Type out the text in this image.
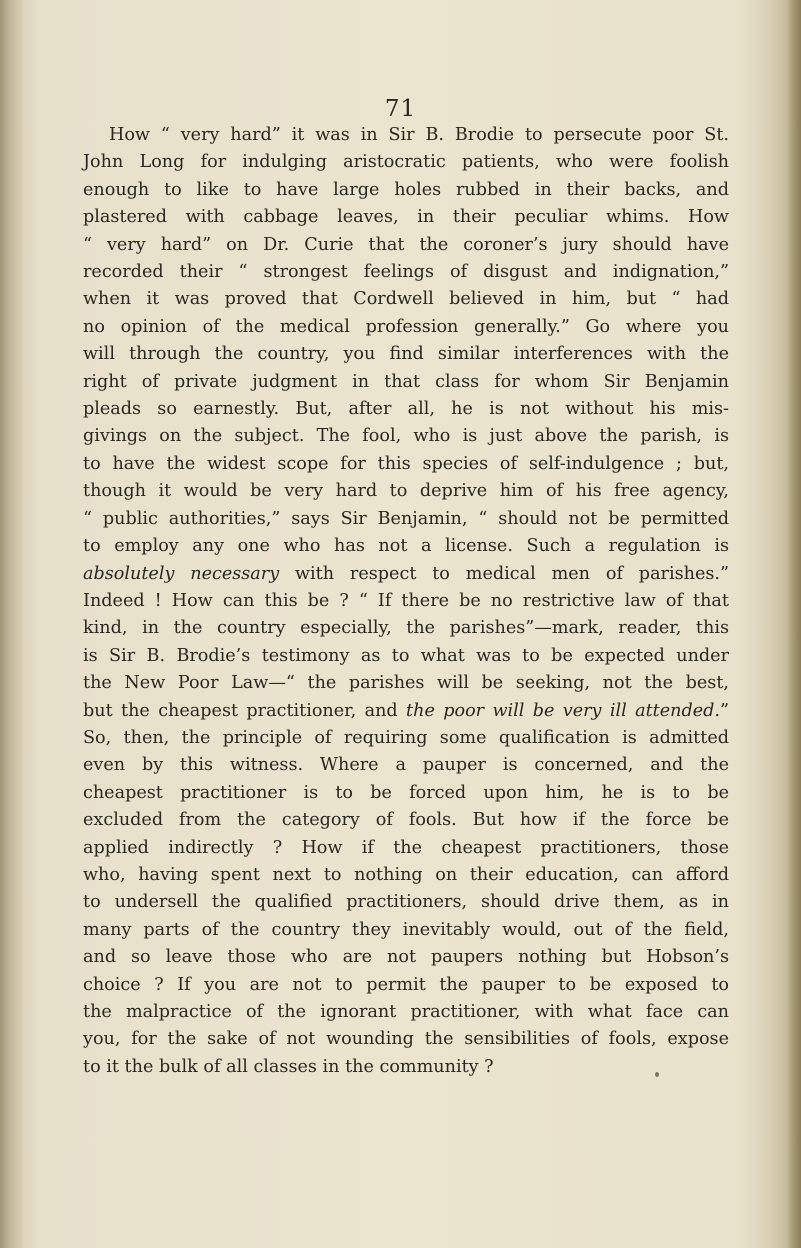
71
How “ very hard” it was in Sir B. Brodie to persecute poor St.
John Long for indulging aristocratic patients, who were foolish
enough to like to have large holes rubbed in their backs, and
plastered with cabbage leaves, in their peculiar whims. How
“ very hard” on Dr. Curie that the coroner’s jury should have
recorded their “ strongest feelings of disgust and indignation,”
when it was proved that Cordwell believed in him, but “ had
no opinion of the medical profession generally.” Go where you
will through the country, you find similar interferences with the
right of private judgment in that class for whom Sir Benjamin
pleads so earnestly. But, after all, he is not without his mis-
givings on the subject. The fool, who is just above the parish, is
to have the widest scope for this species of self-indulgence ; but,
though it would be very hard to deprive him of his free agency,
“ public authorities,” says Sir Benjamin, “ should not be permitted
to employ any one who has not a license. Such a regulation is
absolutely necessary with respect to medical men of parishes.”
Indeed ! How can this be ? “ If there be no restrictive law of that
kind, in the country especially, the parishes”—mark, reader, this
is Sir B. Brodie’s testimony as to what was to be expected under
the New Poor Law—“ the parishes will be seeking, not the best,
but the cheapest practitioner, and the poor will be very ill attended.”
So, then, the principle of requiring some qualification is admitted
even by this witness. Where a pauper is concerned, and the
cheapest practitioner is to be forced upon him, he is to be
excluded from the category of fools. But how if the force be
applied indirectly ? How if the cheapest practitioners, those
who, having spent next to nothing on their education, can afford
to undersell the qualified practitioners, should drive them, as in
many parts of the country they inevitably would, out of the field,
and so leave those who are not paupers nothing but Hobson’s
choice ? If you are not to permit the pauper to be exposed to
the malpractice of the ignorant practitioner, with what face can
you, for the sake of not wounding the sensibilities of fools, expose
to it the bulk of all classes in the community ?
